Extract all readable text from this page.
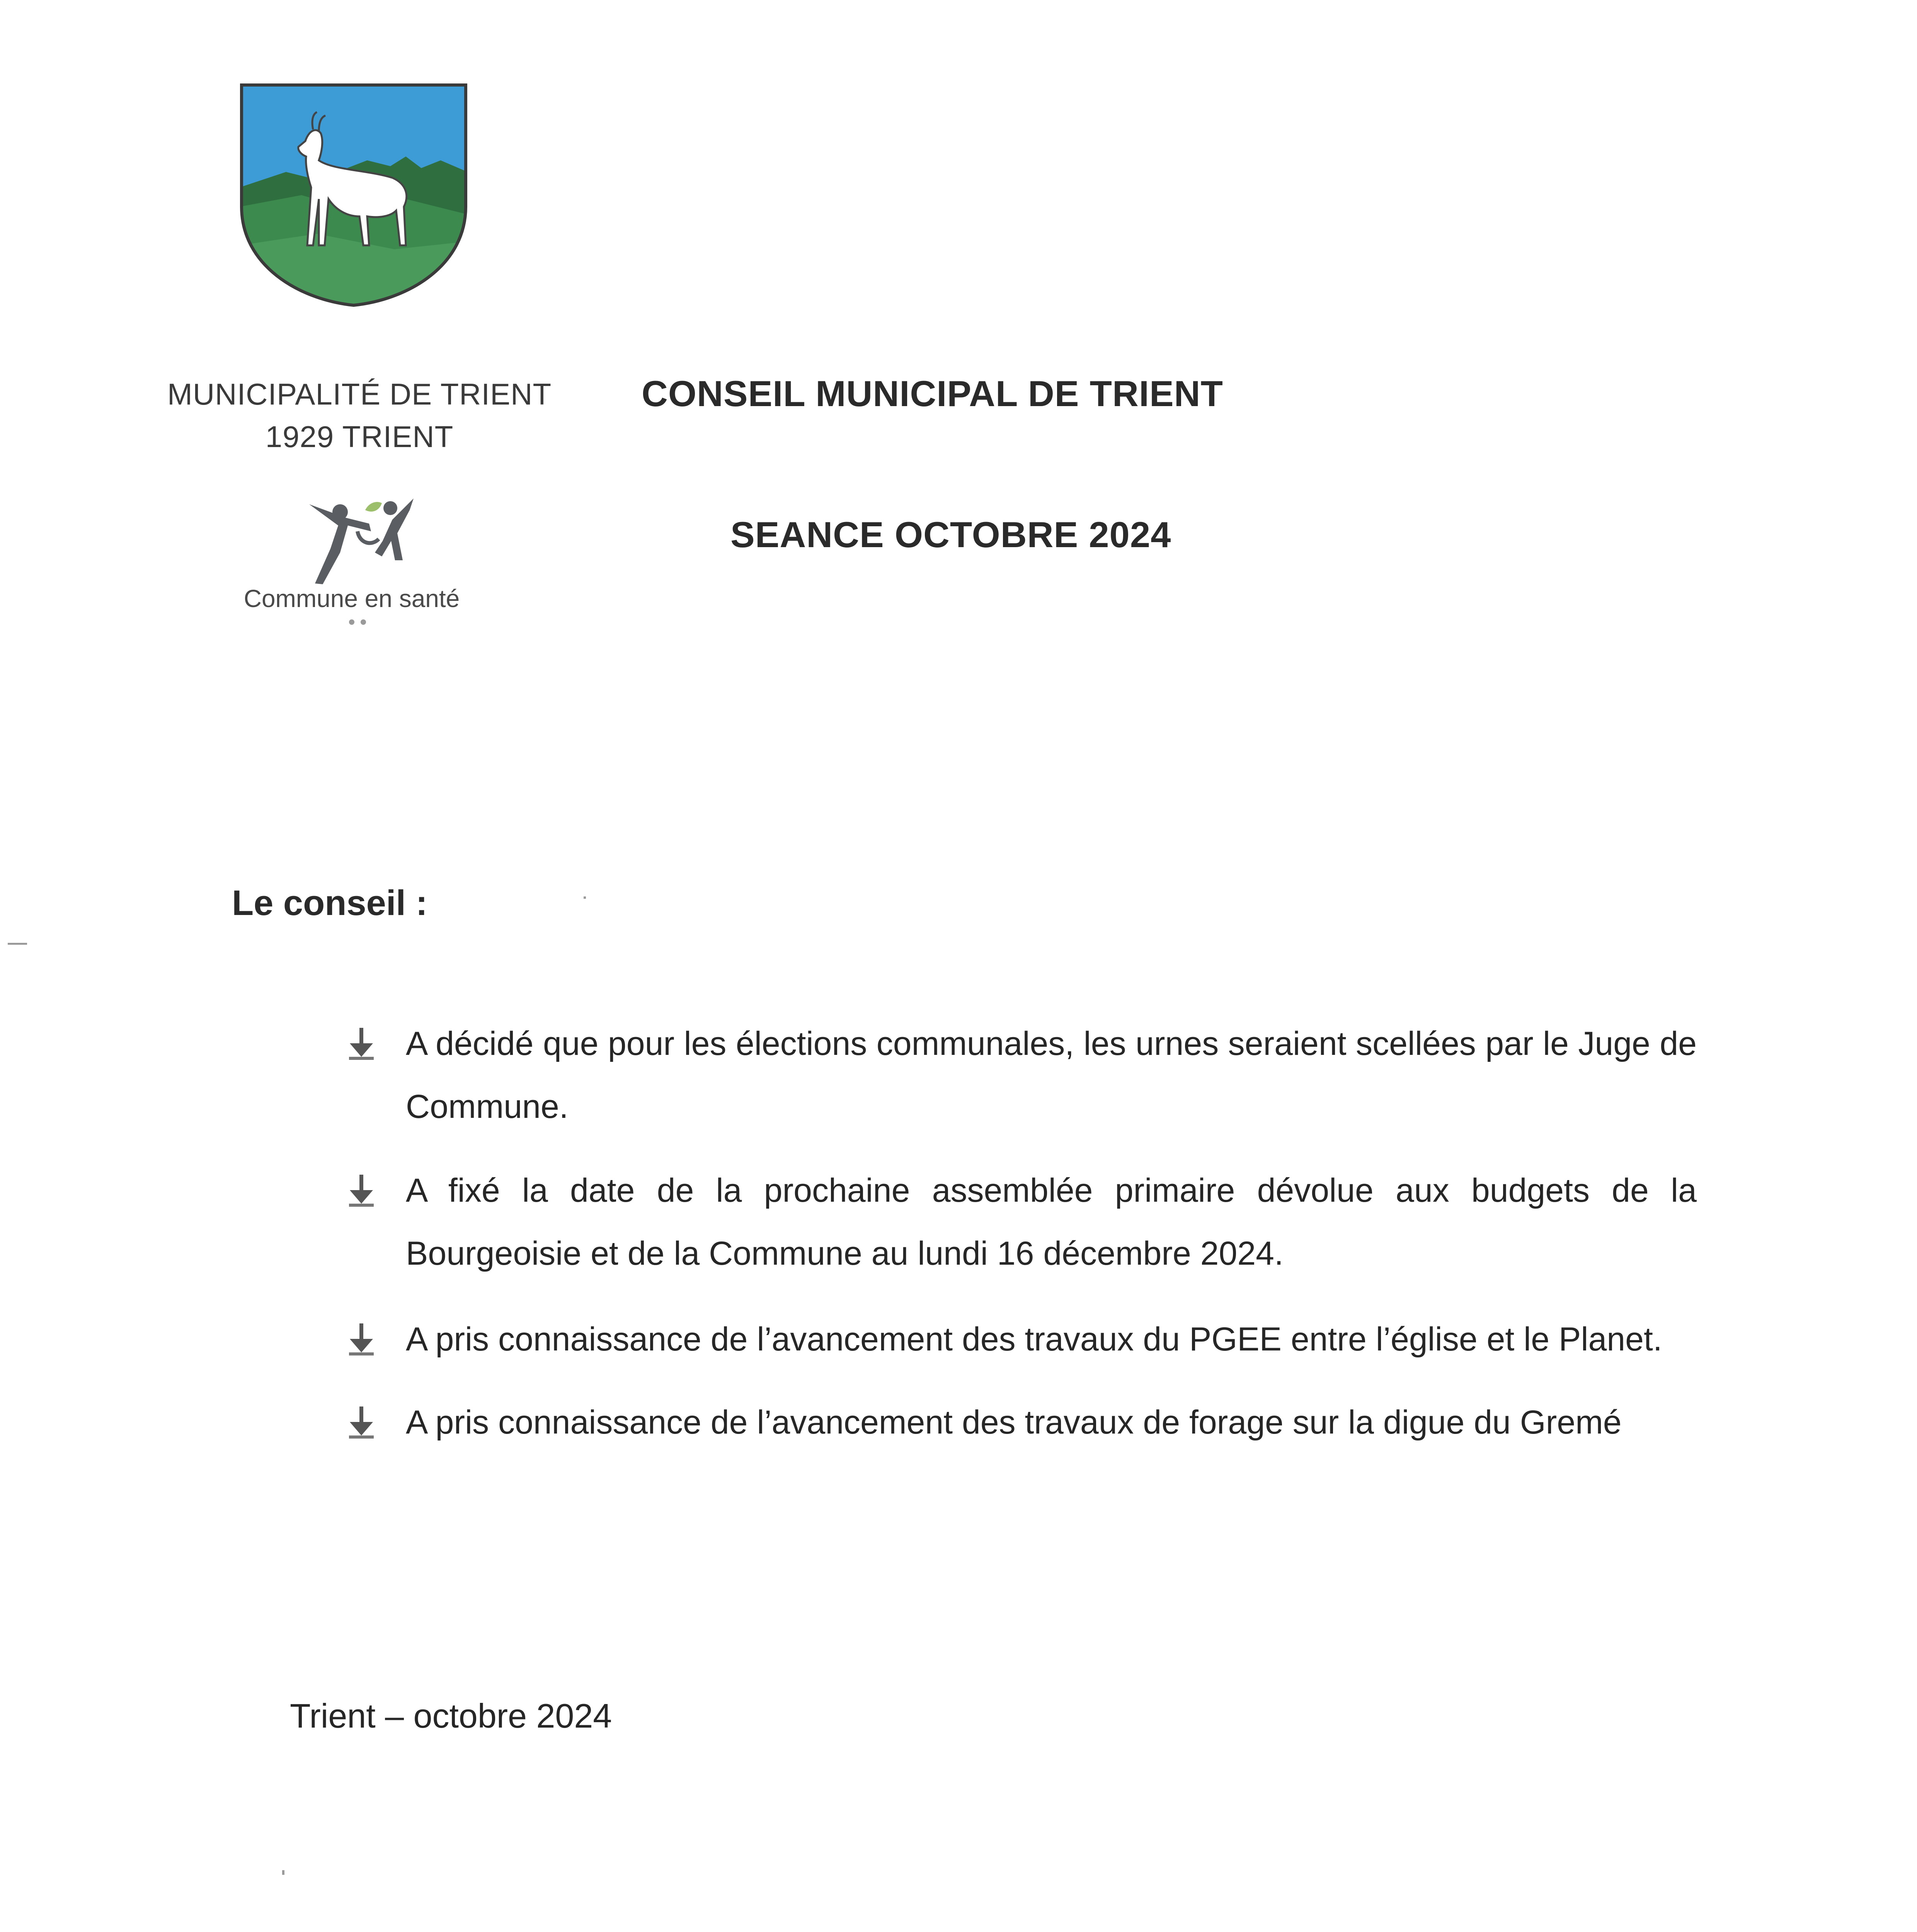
MUNICIPALITÉ DE TRIENT
1929 TRIENT
Commune en santé
CONSEIL MUNICIPAL DE TRIENT
SEANCE OCTOBRE 2024
Le conseil :
A décidé que pour les élections communales, les urnes seraient scellées par le Juge de Commune.
A fixé la date de la prochaine assemblée primaire dévolue aux budgets de la Bourgeoisie et de la Commune au lundi 16 décembre 2024.
A pris connaissance de l’avancement des travaux du PGEE entre l’église et le Planet.
A pris connaissance de l’avancement des travaux de forage sur la digue du Gremé
Trient – octobre 2024
